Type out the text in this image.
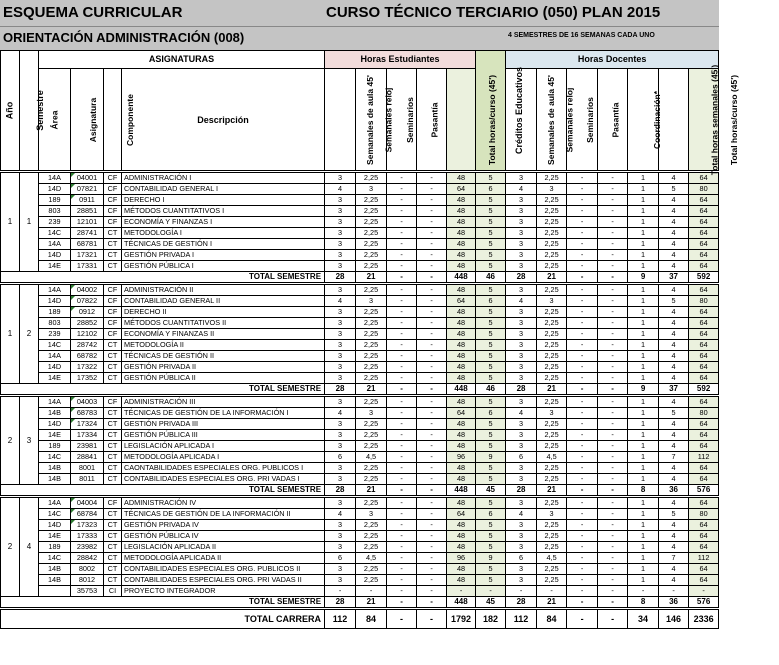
ESQUEMA CURRICULAR	CURSO TÉCNICO TERCIARIO (050) PLAN 2015
ORIENTACIÓN ADMINISTRACIÓN (008)	4 SEMESTRES DE 16 SEMANAS CADA UNO
Año	Semestre	ASIGNATURAS				Horas Estudiantes					Créditos Educativos	Horas Docentes						
		Área	Asignatura	Componente	Descripción	Semanales de aula 45'	Semanales reloj	Seminarios	Pasantía	Total horas/curso (45')		Semanales de aula 45'	Semanales reloj	Seminarios	Pasantía	Coordinación*	Total horas semanales (45')	Total horas/curso (45')

1	1	14A	04001	CF	ADMINISTRACIÓN I	3	2,25	-	-	48	5	3	2,25	-	-	1	4	64
		14D	07821	CF	CONTABILIDAD GENERAL I	4	3	-	-	64	6	4	3	-	-	1	5	80
		189	0911	CF	DERECHO I	3	2,25	-	-	48	5	3	2,25	-	-	1	4	64
		803	28851	CF	MÉTODOS CUANTITATIVOS I	3	2,25	-	-	48	5	3	2,25	-	-	1	4	64
		239	12101	CF	ECONOMÍA Y FINANZAS I	3	2,25	-	-	48	5	3	2,25	-	-	1	4	64
		14C	28741	CT	METODOLOGÍA I	3	2,25	-	-	48	5	3	2,25	-	-	1	4	64
		14A	68781	CT	TÉCNICAS DE GESTIÓN I	3	2,25	-	-	48	5	3	2,25	-	-	1	4	64
		14D	17321	CT	GESTIÓN PRIVADA I	3	2,25	-	-	48	5	3	2,25	-	-	1	4	64
		14E	17331	CT	GESTIÓN PÚBLICA I	3	2,25	-	-	48	5	3	2,25	-	-	1	4	64
TOTAL SEMESTRE						28	21	-	-	448	46	28	21	-	-	9	37	592

1	2	14A	04002	CF	ADMINISTRACIÓN II	3	2,25	-	-	48	5	3	2,25	-	-	1	4	64
		14D	07822	CF	CONTABILIDAD GENERAL II	4	3	-	-	64	6	4	3	-	-	1	5	80
		189	0912	CF	DERECHO II	3	2,25	-	-	48	5	3	2,25	-	-	1	4	64
		803	28852	CF	MÉTODOS CUANTITATIVOS II	3	2,25	-	-	48	5	3	2,25	-	-	1	4	64
		239	12102	CF	ECONOMÍA Y FINANZAS II	3	2,25	-	-	48	5	3	2,25	-	-	1	4	64
		14C	28742	CT	METODOLOGÍA II	3	2,25	-	-	48	5	3	2,25	-	-	1	4	64
		14A	68782	CT	TÉCNICAS DE GESTIÓN II	3	2,25	-	-	48	5	3	2,25	-	-	1	4	64
		14D	17322	CT	GESTIÓN PRIVADA II	3	2,25	-	-	48	5	3	2,25	-	-	1	4	64
		14E	17352	CT	GESTIÓN PÚBLICA II	3	2,25	-	-	48	5	3	2,25	-	-	1	4	64
TOTAL SEMESTRE						28	21	-	-	448	46	28	21	-	-	9	37	592

2	3	14A	04003	CF	ADMINISTRACIÓN III	3	2,25	-	-	48	5	3	2,25	-	-	1	4	64
		14B	68783	CT	TÉCNICAS DE GESTIÓN DE LA INFORMACIÓN I	4	3	-	-	64	6	4	3	-	-	1	5	80
		14D	17324	CT	GESTIÓN PRIVADA III	3	2,25	-	-	48	5	3	2,25	-	-	1	4	64
		14E	17334	CT	GESTIÓN PÚBLICA III	3	2,25	-	-	48	5	3	2,25	-	-	1	4	64
		189	23981	CT	LEGISLACIÓN APLICADA I	3	2,25	-	-	48	5	3	2,25	-	-	1	4	64
		14C	28841	CT	METODOLOGÍA APLICADA I	6	4,5	-	-	96	9	6	4,5	-	-	1	7	112
		14B	8001	CT	CAONTABILIDADES ESPECIALES ORG. PUBLICOS I	3	2,25	-	-	48	5	3	2,25	-	-	1	4	64
		14B	8011	CT	CONTABILIDADES ESPECIALES ORG. PRI VADAS I	3	2,25	-	-	48	5	3	2,25	-	-	1	4	64
TOTAL SEMESTRE						28	21	-	-	448	45	28	21	-	-	8	36	576

2	4	14A	04004	CF	ADMINISTRACIÓN IV	3	2,25	-	-	48	5	3	2,25	-	-	1	4	64
		14C	68784	CT	TÉCNICAS DE GESTIÓN DE LA INFORMACIÓN II	4	3	-	-	64	6	4	3	-	-	1	5	80
		14D	17323	CT	GESTIÓN PRIVADA IV	3	2,25	-	-	48	5	3	2,25	-	-	1	4	64
		14E	17333	CT	GESTIÓN PÚBLICA IV	3	2,25	-	-	48	5	3	2,25	-	-	1	4	64
		189	23982	CT	LEGISLACIÓN APLICADA II	3	2,25	-	-	48	5	3	2,25	-	-	1	4	64
		14C	28842	CT	METODOLOGÍA APLICADA II	6	4,5	-	-	96	9	6	4,5	-	-	1	7	112
		14B	8002	CT	CONTABILIDADES ESPECIALES ORG. PUBLICOS II	3	2,25	-	-	48	5	3	2,25	-	-	1	4	64
		14B	8012	CT	CONTABILIDADES ESPECIALES ORG. PRI VADAS II	3	2,25	-	-	48	5	3	2,25	-	-	1	4	64
			35753	CI	PROYECTO INTEGRADOR	-	-	-	-	-	-	-	-	-	-	-	-	-
TOTAL SEMESTRE						28	21	-	-	448	45	28	21	-	-	8	36	576

TOTAL CARRERA						112	84	-	-	1792	182	112	84	-	-	34	146	2336
